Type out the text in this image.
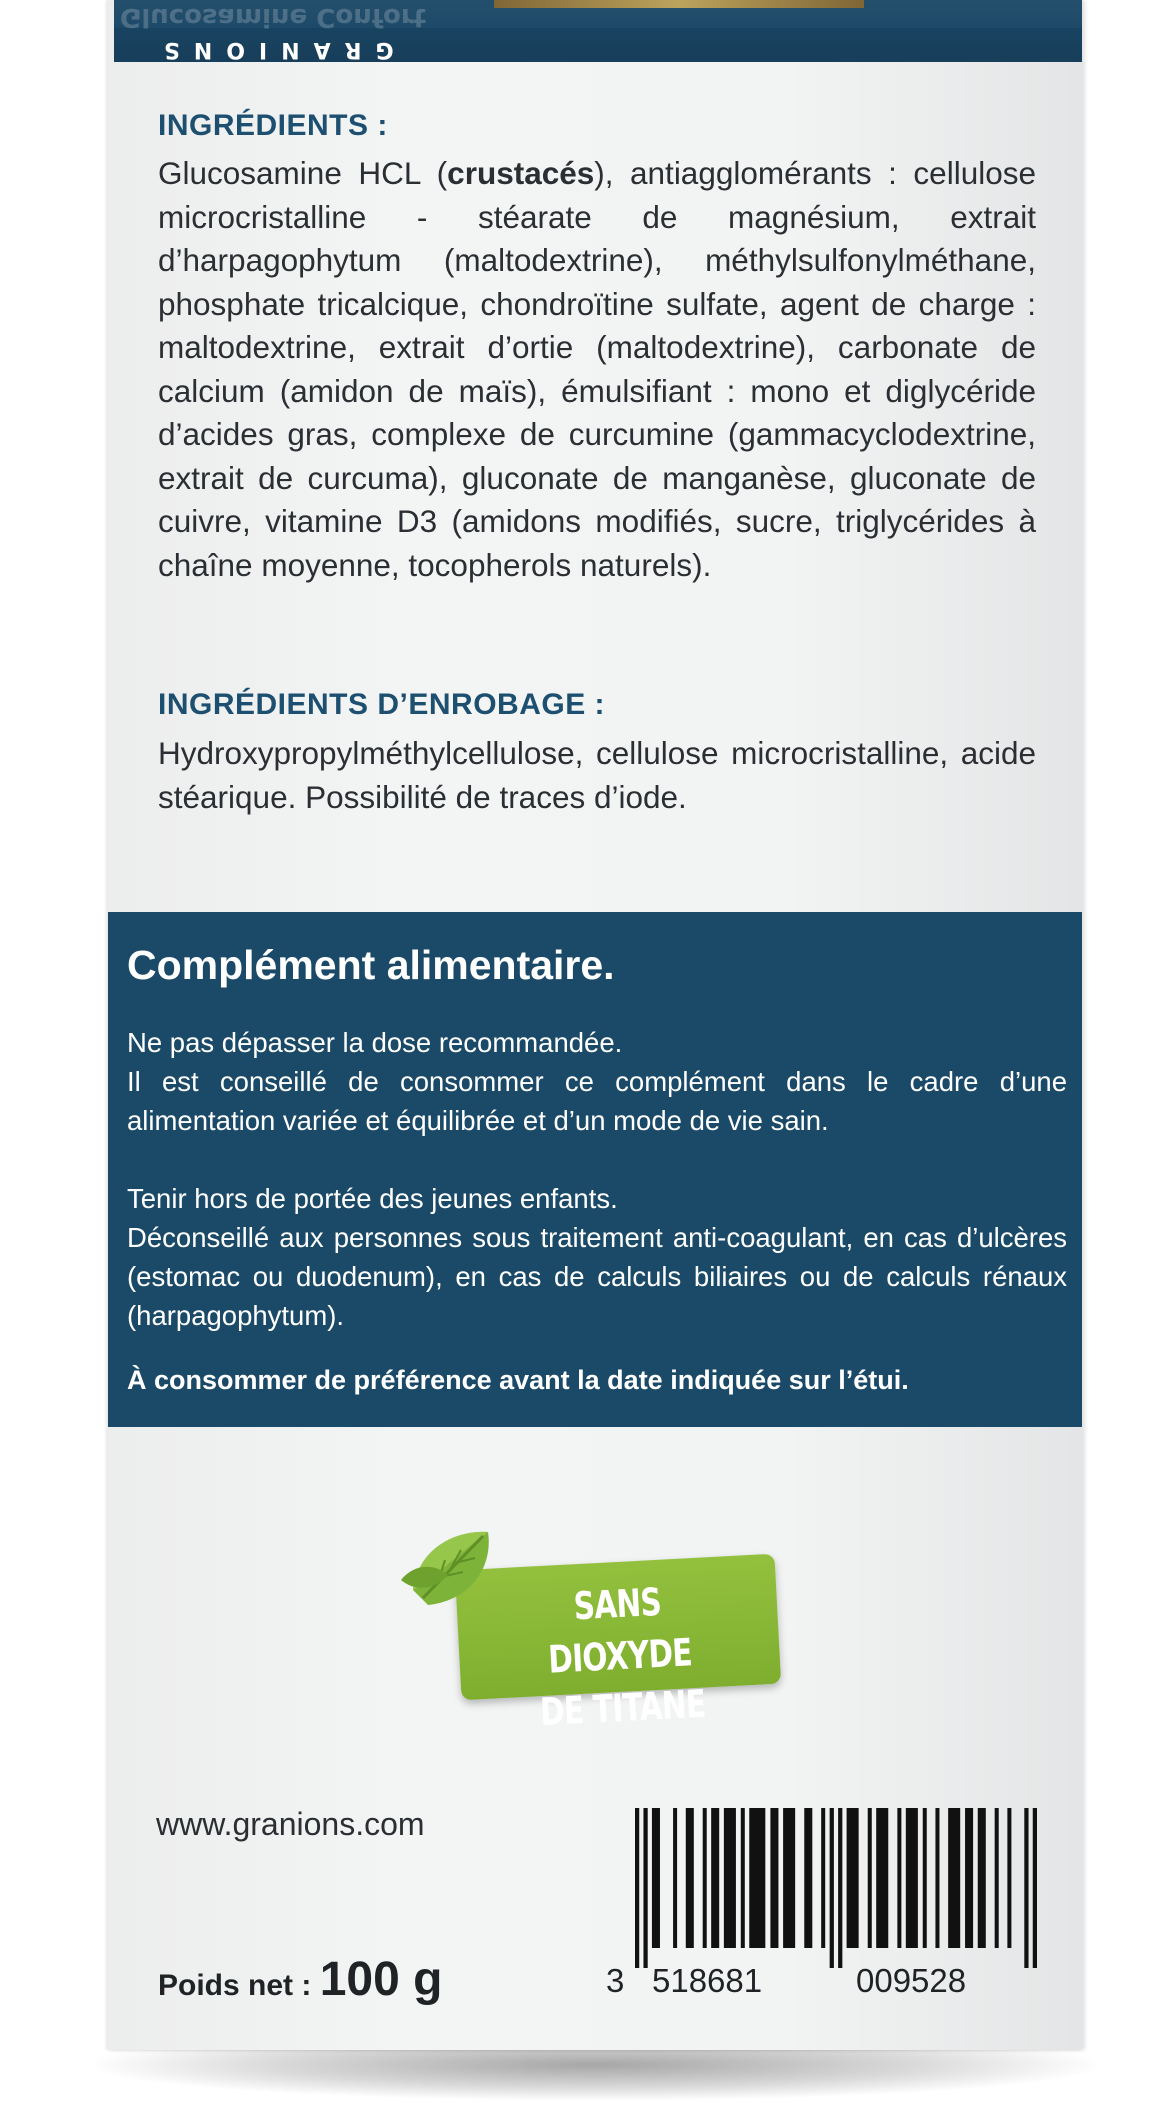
Glucosamine Confort
GRANIONS

INGRÉDIENTS :

Glucosamine HCL (crustacés), antiagglomérants : cellulose microcristalline - stéarate de magnésium, extrait d’harpagophytum (maltodextrine), méthylsulfonylméthane, phosphate tricalcique, chondroïtine sulfate, agent de charge : maltodextrine, extrait d’ortie (maltodextrine), carbonate de calcium (amidon de maïs), émulsifiant : mono et diglycéride d’acides gras, complexe de curcumine (gammacyclodextrine, extrait de curcuma), gluconate de manganèse, gluconate de cuivre, vitamine D3 (amidons modifiés, sucre, triglycérides à chaîne moyenne, tocopherols naturels).

INGRÉDIENTS D’ENROBAGE :

Hydroxypropylméthylcellulose, cellulose microcristalline, acide stéarique. Possibilité de traces d’iode.

Complément alimentaire.

Ne pas dépasser la dose recommandée.

Il est conseillé de consommer ce complément dans le cadre d’une alimentation variée et équilibrée et d’un mode de vie sain.

Tenir hors de portée des jeunes enfants.

Déconseillé aux personnes sous traitement anti-coagulant, en cas d’ulcères (estomac ou duodenum), en cas de calculs biliaires ou de calculs rénaux (harpagophytum).

À consommer de préférence avant la date indiquée sur l’étui.

SANS DIOXYDE
DE TITANE

www.granions.com

Poids net : 100 g	3 518681	009528
